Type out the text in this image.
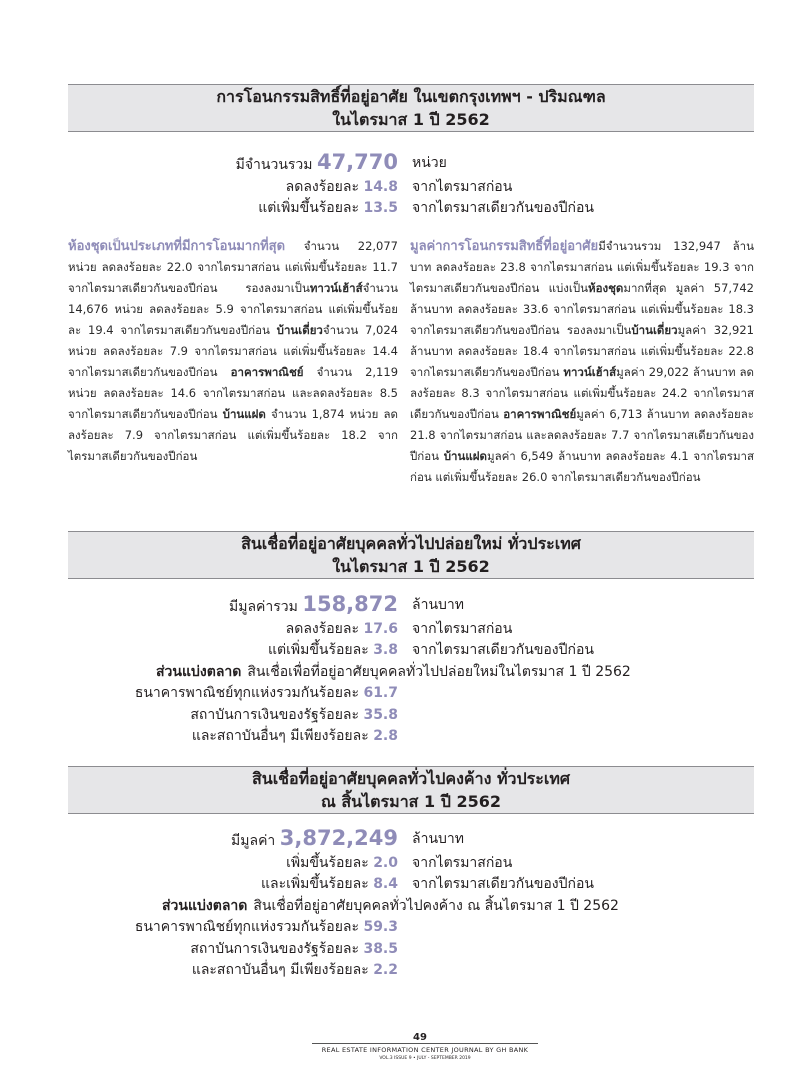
การโอนกรรมสิทธิ์ที่อยู่อาศัย ในเขตกรุงเทพฯ - ปริมณฑล
ในไตรมาส 1 ปี 2562
มีจำนวนรวม 47,770	หน่วย
ลดลงร้อยละ 14.8	จากไตรมาสก่อน
แต่เพิ่มขึ้นร้อยละ 13.5	จากไตรมาสเดียวกันของปีก่อน
ห้องชุดเป็นประเภทที่มีการโอนมากที่สุด จำนวน 22,077 หน่วย ลดลงร้อยละ 22.0 จากไตรมาสก่อน แต่เพิ่มขึ้นร้อยละ 11.7 จากไตรมาสเดียวกันของปีก่อน รองลงมาเป็นทาวน์เฮ้าส์จำนวน 14,676 หน่วย ลดลงร้อยละ 5.9 จากไตรมาสก่อน แต่เพิ่มขึ้นร้อยละ 19.4 จากไตรมาสเดียวกันของปีก่อน บ้านเดี่ยวจำนวน 7,024 หน่วย ลดลงร้อยละ 7.9 จากไตรมาสก่อน แต่เพิ่มขึ้นร้อยละ 14.4 จากไตรมาสเดียวกันของปีก่อน อาคารพาณิชย์ จำนวน 2,119 หน่วย ลดลงร้อยละ 14.6 จากไตรมาสก่อน และลดลงร้อยละ 8.5 จากไตรมาสเดียวกันของปีก่อน บ้านแฝด จำนวน 1,874 หน่วย ลดลงร้อยละ 7.9 จากไตรมาสก่อน แต่เพิ่มขึ้นร้อยละ 18.2 จากไตรมาสเดียวกันของปีก่อน
มูลค่าการโอนกรรมสิทธิ์ที่อยู่อาศัยมีจำนวนรวม 132,947 ล้านบาท ลดลงร้อยละ 23.8 จากไตรมาสก่อน แต่เพิ่มขึ้นร้อยละ 19.3 จากไตรมาสเดียวกันของปีก่อน แบ่งเป็นห้องชุดมากที่สุด มูลค่า 57,742 ล้านบาท ลดลงร้อยละ 33.6 จากไตรมาสก่อน แต่เพิ่มขึ้นร้อยละ 18.3 จากไตรมาสเดียวกันของปีก่อน รองลงมาเป็นบ้านเดี่ยวมูลค่า 32,921 ล้านบาท ลดลงร้อยละ 18.4 จากไตรมาสก่อน แต่เพิ่มขึ้นร้อยละ 22.8 จากไตรมาสเดียวกันของปีก่อน ทาวน์เฮ้าส์มูลค่า 29,022 ล้านบาท ลดลงร้อยละ 8.3 จากไตรมาสก่อน แต่เพิ่มขึ้นร้อยละ 24.2 จากไตรมาสเดียวกันของปีก่อน อาคารพาณิชย์มูลค่า 6,713 ล้านบาท ลดลงร้อยละ 21.8 จากไตรมาสก่อน และลดลงร้อยละ 7.7 จากไตรมาสเดียวกันของปีก่อน บ้านแฝดมูลค่า 6,549 ล้านบาท ลดลงร้อยละ 4.1 จากไตรมาสก่อน แต่เพิ่มขึ้นร้อยละ 26.0 จากไตรมาสเดียวกันของปีก่อน
สินเชื่อที่อยู่อาศัยบุคคลทั่วไปปล่อยใหม่ ทั่วประเทศ
ในไตรมาส 1 ปี 2562
มีมูลค่ารวม 158,872	ล้านบาท
ลดลงร้อยละ 17.6	จากไตรมาสก่อน
แต่เพิ่มขึ้นร้อยละ 3.8	จากไตรมาสเดียวกันของปีก่อน
ส่วนแบ่งตลาด สินเชื่อเพื่อที่อยู่อาศัยบุคคลทั่วไปปล่อยใหม่ในไตรมาส 1 ปี 2562
ธนาคารพาณิชย์ทุกแห่งรวมกันร้อยละ 61.7
สถาบันการเงินของรัฐร้อยละ 35.8
และสถาบันอื่นๆ มีเพียงร้อยละ 2.8
สินเชื่อที่อยู่อาศัยบุคคลทั่วไปคงค้าง ทั่วประเทศ
ณ สิ้นไตรมาส 1 ปี 2562
มีมูลค่า 3,872,249	ล้านบาท
เพิ่มขึ้นร้อยละ 2.0	จากไตรมาสก่อน
และเพิ่มขึ้นร้อยละ 8.4	จากไตรมาสเดียวกันของปีก่อน
ส่วนแบ่งตลาด สินเชื่อที่อยู่อาศัยบุคคลทั่วไปคงค้าง ณ สิ้นไตรมาส 1 ปี 2562
ธนาคารพาณิชย์ทุกแห่งรวมกันร้อยละ 59.3
สถาบันการเงินของรัฐร้อยละ 38.5
และสถาบันอื่นๆ มีเพียงร้อยละ 2.2
49
REAL ESTATE INFORMATION CENTER JOURNAL BY GH BANK
VOL.3 ISSUE 9 • JULY - SEPTEMBER 2019
